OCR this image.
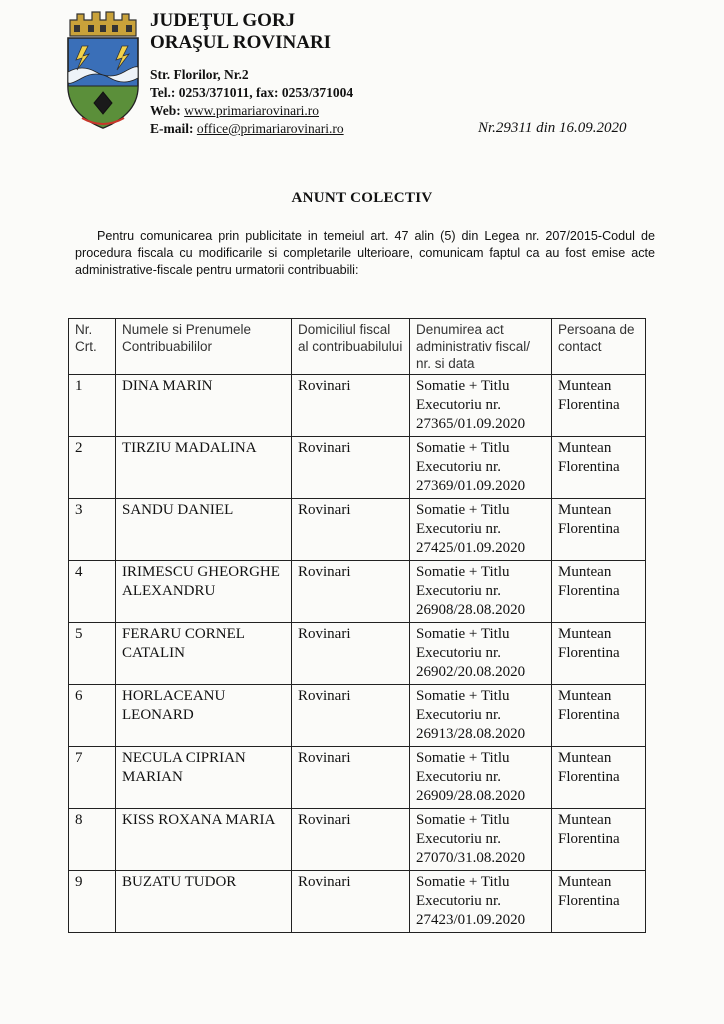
JUDEŢUL GORJ
ORAŞUL ROVINARI
Str. Florilor, Nr.2
Tel.: 0253/371011, fax: 0253/371004
Web: www.primariarovinari.ro
E-mail: office@primariarovinari.ro	Nr.29311 din 16.09.2020
ANUNT COLECTIV
Pentru comunicarea prin publicitate in temeiul art. 47 alin (5) din Legea nr. 207/2015-Codul de procedura fiscala cu modificarile si completarile ulterioare, comunicam faptul ca au fost emise acte administrative-fiscale pentru urmatorii contribuabili:
Nr. Crt.	Numele si Prenumele Contribuabililor	Domiciliul fiscal al contribuabilului	Denumirea act administrativ fiscal/ nr. si data	Persoana de contact
1	DINA MARIN	Rovinari	Somatie + Titlu Executoriu nr. 27365/01.09.2020	Muntean Florentina
2	TIRZIU MADALINA	Rovinari	Somatie + Titlu Executoriu nr. 27369/01.09.2020	Muntean Florentina
3	SANDU DANIEL	Rovinari	Somatie + Titlu Executoriu nr. 27425/01.09.2020	Muntean Florentina
4	IRIMESCU GHEORGHE ALEXANDRU	Rovinari	Somatie + Titlu Executoriu nr. 26908/28.08.2020	Muntean Florentina
5	FERARU CORNEL CATALIN	Rovinari	Somatie + Titlu Executoriu nr. 26902/20.08.2020	Muntean Florentina
6	HORLACEANU LEONARD	Rovinari	Somatie + Titlu Executoriu nr. 26913/28.08.2020	Muntean Florentina
7	NECULA CIPRIAN MARIAN	Rovinari	Somatie + Titlu Executoriu nr. 26909/28.08.2020	Muntean Florentina
8	KISS ROXANA MARIA	Rovinari	Somatie + Titlu Executoriu nr. 27070/31.08.2020	Muntean Florentina
9	BUZATU TUDOR	Rovinari	Somatie + Titlu Executoriu nr. 27423/01.09.2020	Muntean Florentina
